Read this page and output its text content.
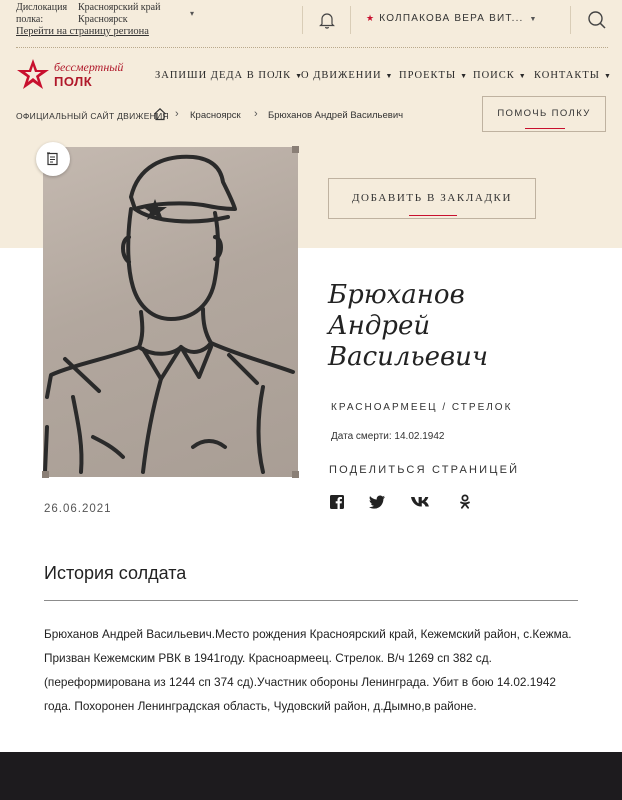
Дислокация полка:
Красноярский край Красноярск
▾
Перейти на страницу региона
★ КОЛПАКОВА ВЕРА ВИТ... ▼
бессмертный
ПОЛК	ЗАПИШИ ДЕДА В ПОЛК ▼
О ДВИЖЕНИИ ▼ ПРОЕКТЫ ▼ ПОИСК ▼ КОНТАКТЫ ▼
ОФИЦИАЛЬНЫЙ САЙТ ДВИЖЕНИЯ › Красноярск › Брюханов Андрей Васильевич	ПОМОЧЬ ПОЛКУ
ДОБАВИТЬ В ЗАКЛАДКИ
Брюханов
Андрей
Васильевич
КРАСНОАРМЕЕЦ / СТРЕЛОК
Дата смерти: 14.02.1942
ПОДЕЛИТЬСЯ СТРАНИЦЕЙ
26.06.2021
История солдата
Брюханов Андрей Васильевич.Место рождения Красноярский край, Кежемский район, с.Кежма. Призван Кежемским РВК в 1941году. Красноармеец. Стрелок. В/ч 1269 сп 382 сд.(переформирована из 1244 сп 374 сд).Участник обороны Ленинграда. Убит в бою 14.02.1942 года. Похоронен Ленинградская область, Чудовский район, д.Дымно,в районе.
